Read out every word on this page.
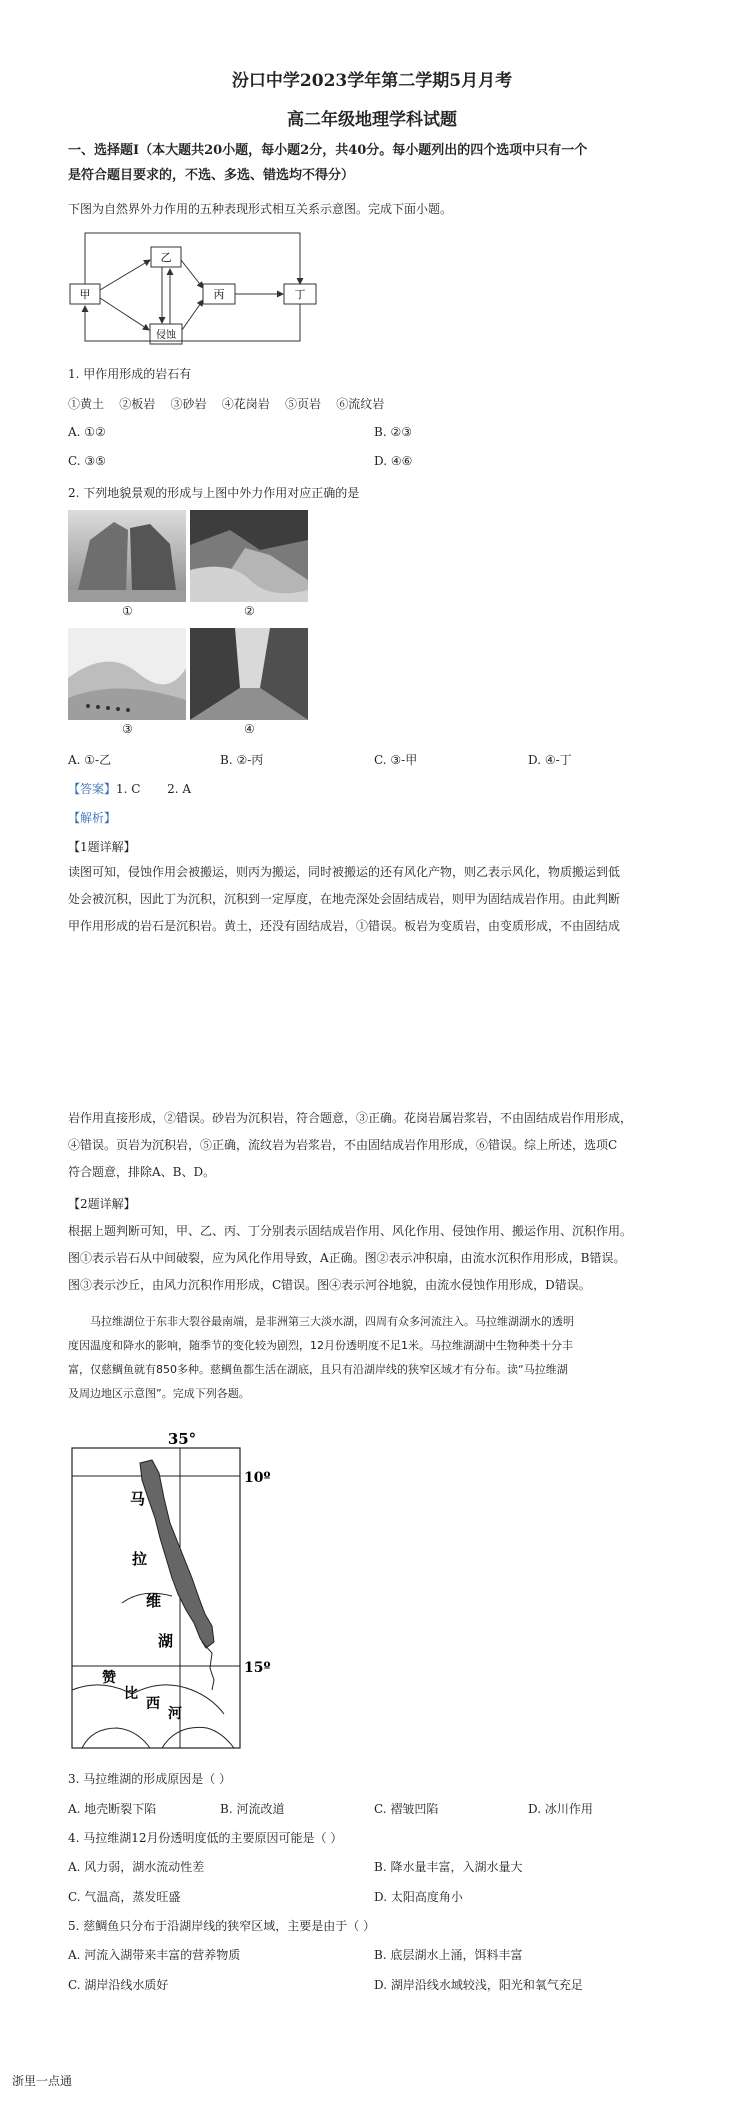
汾口中学2023学年第二学期5月月考
高二年级地理学科试题
一、选择题Ⅰ（本大题共20小题，每小题2分，共40分。每小题列出的四个选项中只有一个
是符合题目要求的，不选、多选、错选均不得分）
下图为自然界外力作用的五种表现形式相互关系示意图。完成下面小题。
甲
乙
侵蚀
丙	丁
1. 甲作用形成的岩石有
①黄土    ②板岩    ③砂岩    ④花岗岩    ⑤页岩    ⑥流纹岩
A. ①②	B. ②③
C. ③⑤	D. ④⑥
2. 下列地貌景观的形成与上图中外力作用对应正确的是
①	②
③	④
A. ①-乙	B. ②-丙	C. ③-甲	D. ④-丁
【答案】1. C       2. A
【解析】
【1题详解】
读图可知，侵蚀作用会被搬运，则丙为搬运，同时被搬运的还有风化产物，则乙表示风化，物质搬运到低
处会被沉积，因此丁为沉积，沉积到一定厚度，在地壳深处会固结成岩，则甲为固结成岩作用。由此判断
甲作用形成的岩石是沉积岩。黄土，还没有固结成岩，①错误。板岩为变质岩，由变质形成，不由固结成
岩作用直接形成，②错误。砂岩为沉积岩，符合题意，③正确。花岗岩属岩浆岩，不由固结成岩作用形成，
④错误。页岩为沉积岩，⑤正确，流纹岩为岩浆岩，不由固结成岩作用形成，⑥错误。综上所述，选项C
符合题意，排除A、B、D。
【2题详解】
根据上题判断可知，甲、乙、丙、丁分别表示固结成岩作用、风化作用、侵蚀作用、搬运作用、沉积作用。
图①表示岩石从中间破裂，应为风化作用导致，A正确。图②表示冲积扇，由流水沉积作用形成，B错误。
图③表示沙丘，由风力沉积作用形成，C错误。图④表示河谷地貌，由流水侵蚀作用形成，D错误。
马拉维湖位于东非大裂谷最南端，是非洲第三大淡水湖，四周有众多河流注入。马拉维湖湖水的透明
度因温度和降水的影响，随季节的变化较为剧烈，12月份透明度不足1米。马拉维湖湖中生物种类十分丰
富，仅慈鲷鱼就有850多种。慈鲷鱼都生活在湖底，且只有沿湖岸线的狭窄区域才有分布。读“马拉维湖
及周边地区示意图”。完成下列各题。
35°
10º
15º
马
拉
维
湖
赞
比
西
河
3. 马拉维湖的形成原因是（ ）
A. 地壳断裂下陷	B. 河流改道	C. 褶皱凹陷	D. 冰川作用
4. 马拉维湖12月份透明度低的主要原因可能是（ ）
A. 风力弱，湖水流动性差	B. 降水量丰富，入湖水量大
C. 气温高，蒸发旺盛	D. 太阳高度角小
5. 慈鲷鱼只分布于沿湖岸线的狭窄区域，主要是由于（ ）
A. 河流入湖带来丰富的营养物质	B. 底层湖水上涌，饵料丰富
C. 湖岸沿线水质好	D. 湖岸沿线水域较浅，阳光和氧气充足
浙里一点通
